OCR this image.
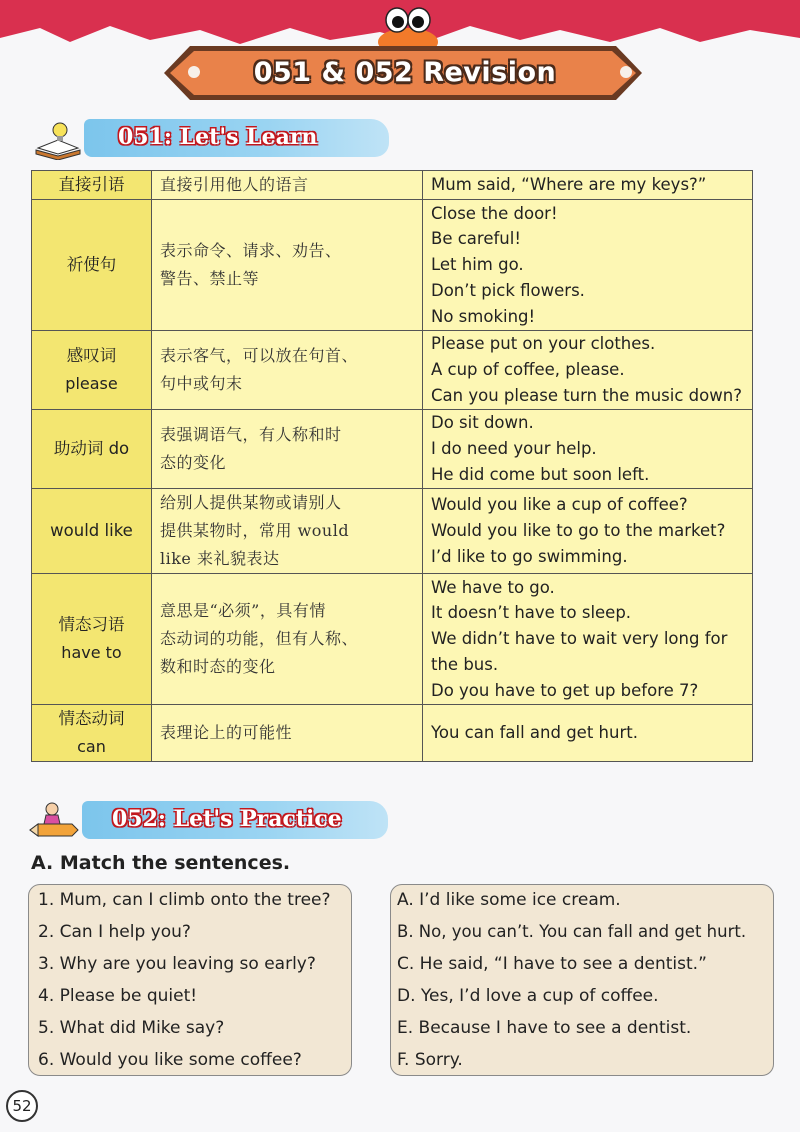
051 & 052 Revision
051: Let's Learn
直接引语	直接引用他人的语言	Mum said, “Where are my keys?”

祈使句	表示命令、请求、劝告、
警告、禁止等	Close the door!
Be careful!
Let him go.
Don’t pick flowers.
No smoking!

感叹词
please	表示客气，可以放在句首、
句中或句末	Please put on your clothes.
A cup of coffee, please.
Can you please turn the music down?

助动词 do	表强调语气，有人称和时
态的变化	Do sit down.
I do need your help.
He did come but soon left.

would like	给别人提供某物或请别人
提供某物时，常用 would
like 来礼貌表达	Would you like a cup of coffee?
Would you like to go to the market?
I’d like to go swimming.

情态习语
have to	意思是“必须”，具有情
态动词的功能，但有人称、
数和时态的变化	We have to go.
It doesn’t have to sleep.
We didn’t have to wait very long for
the bus.
Do you have to get up before 7?

情态动词
can	表理论上的可能性	You can fall and get hurt.
052: Let's Practice
A. Match the sentences.
1. Mum, can I climb onto the tree?
2. Can I help you?
3. Why are you leaving so early?
4. Please be quiet!
5. What did Mike say?
6. Would you like some coffee?
A. I’d like some ice cream.
B. No, you can’t. You can fall and get hurt.
C. He said, “I have to see a dentist.”
D. Yes, I’d love a cup of coffee.
E. Because I have to see a dentist.
F. Sorry.
52
